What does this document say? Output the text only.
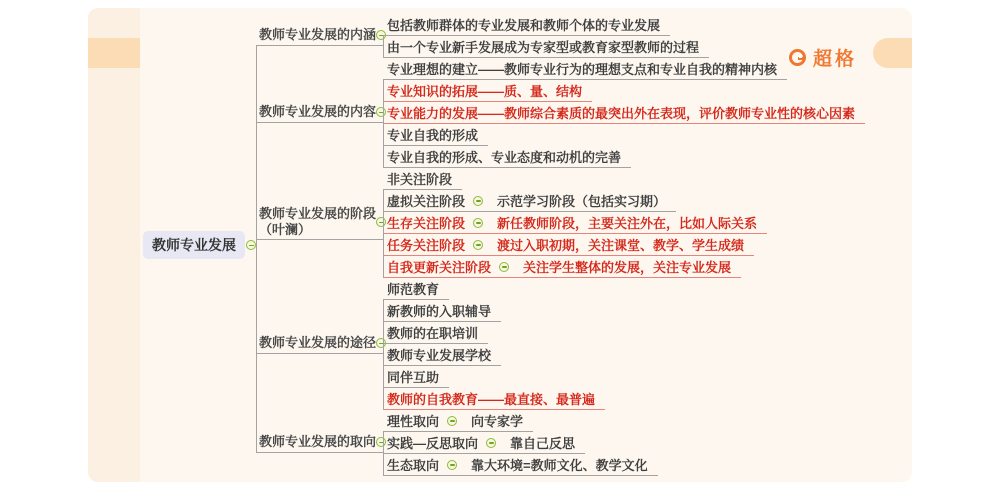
超格
教师专业发展
教师专业发展的内涵
包括教师群体的专业发展和教师个体的专业发展
由一个专业新手发展成为专家型或教育家型教师的过程
教师专业发展的内容
专业理想的建立——教师专业行为的理想支点和专业自我的精神内核
专业知识的拓展——质、量、结构
专业能力的发展——教师综合素质的最突出外在表现，评价教师专业性的核心因素
专业自我的形成
专业自我的形成、专业态度和动机的完善
教师专业发展的阶段
（叶澜）
非关注阶段
虚拟关注阶段 示范学习阶段（包括实习期）
生存关注阶段 新任教师阶段，主要关注外在，比如人际关系
任务关注阶段 渡过入职初期，关注课堂、教学、学生成绩
自我更新关注阶段 关注学生整体的发展，关注专业发展
教师专业发展的途径
师范教育
新教师的入职辅导
教师的在职培训
教师专业发展学校
同伴互助
教师的自我教育——最直接、最普遍
教师专业发展的取向
理性取向 向专家学
实践—反思取向 靠自己反思
生态取向 靠大环境=教师文化、教学文化
